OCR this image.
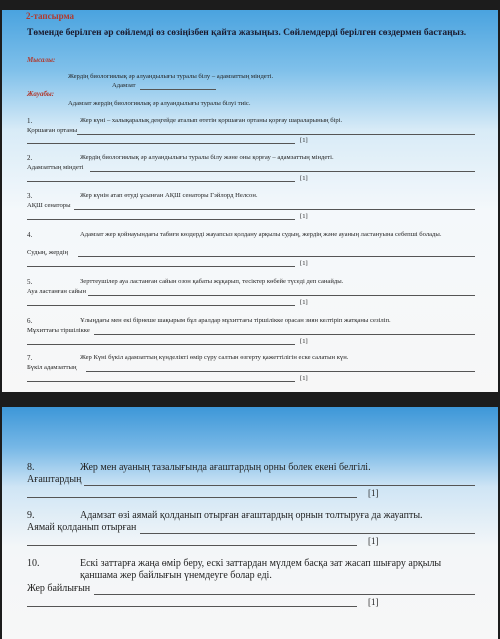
2-тапсырма
Төменде берілген әр сөйлемді өз сөзіңізбен қайта жазыңыз. Сөйлемдерді берілген сөздермен бастаңыз.
Мысалы:
Жердің биологиялық әр алуандылығы туралы білу – адамзаттың міндеті.
Адамзат
Жауабы:
Адамзат жердің биологиялық әр алуандылығы туралы білуі тиіс.
1.	Жер күні – халықаралық деңгейде аталып өтетін қоршаған ортаны қорғау шараларының бірі.
Қоршаған ортаны
[1]
2.	Жердің биологиялық әр алуандылығы туралы білу және оны қорғау – адамзаттың міндеті.
Адамзаттың міндеті
[1]
3.	Жер күнін атап өтуді ұсынған АҚШ сенаторы Гэйлорд Нелсон.
АҚШ сенаторы
[1]
4.	Адамзат жер қойнауындағы табиғи көздерді жауапсыз қолдану арқылы судың, жердің және ауаның ластануына себепші болады.
Судың, жердің
[1]
5.	Зерттеушілер ауа ластанған сайын озон қабаты жұқарып, тесіктер көбейе түседі деп санайды.
Ауа ластанған сайын
[1]
6.	Ұлыңдағы мен екі бірнеше шақырым бұл аралдар мұхиттағы тіршілікке орасан зиян келтіріп жатқаны сезіліп.
Мұхиттағы тіршілікке
[1]
7.	Жер Күні бүкіл адамзаттың күнделікті өмір сүру салтын өзгерту қажеттілігін еске салатын күн.
Бүкіл адамзаттың
[1]
8.	Жер мен ауаның тазалығында ағаштардың орны болек екені белгілі.
Ағаштардың
[1]
9.	Адамзат өзі аямай қолданып отырған ағаштардың орнын толтыруға да жауапты.
Аямай қолданып отырған
[1]
10.	Ескі заттарға жаңа өмір беру, ескі заттардан мүлдем басқа зат жасап шығару арқылы қаншама жер байлығын үнемдеуге болар еді.
Жер байлығын
[1]
